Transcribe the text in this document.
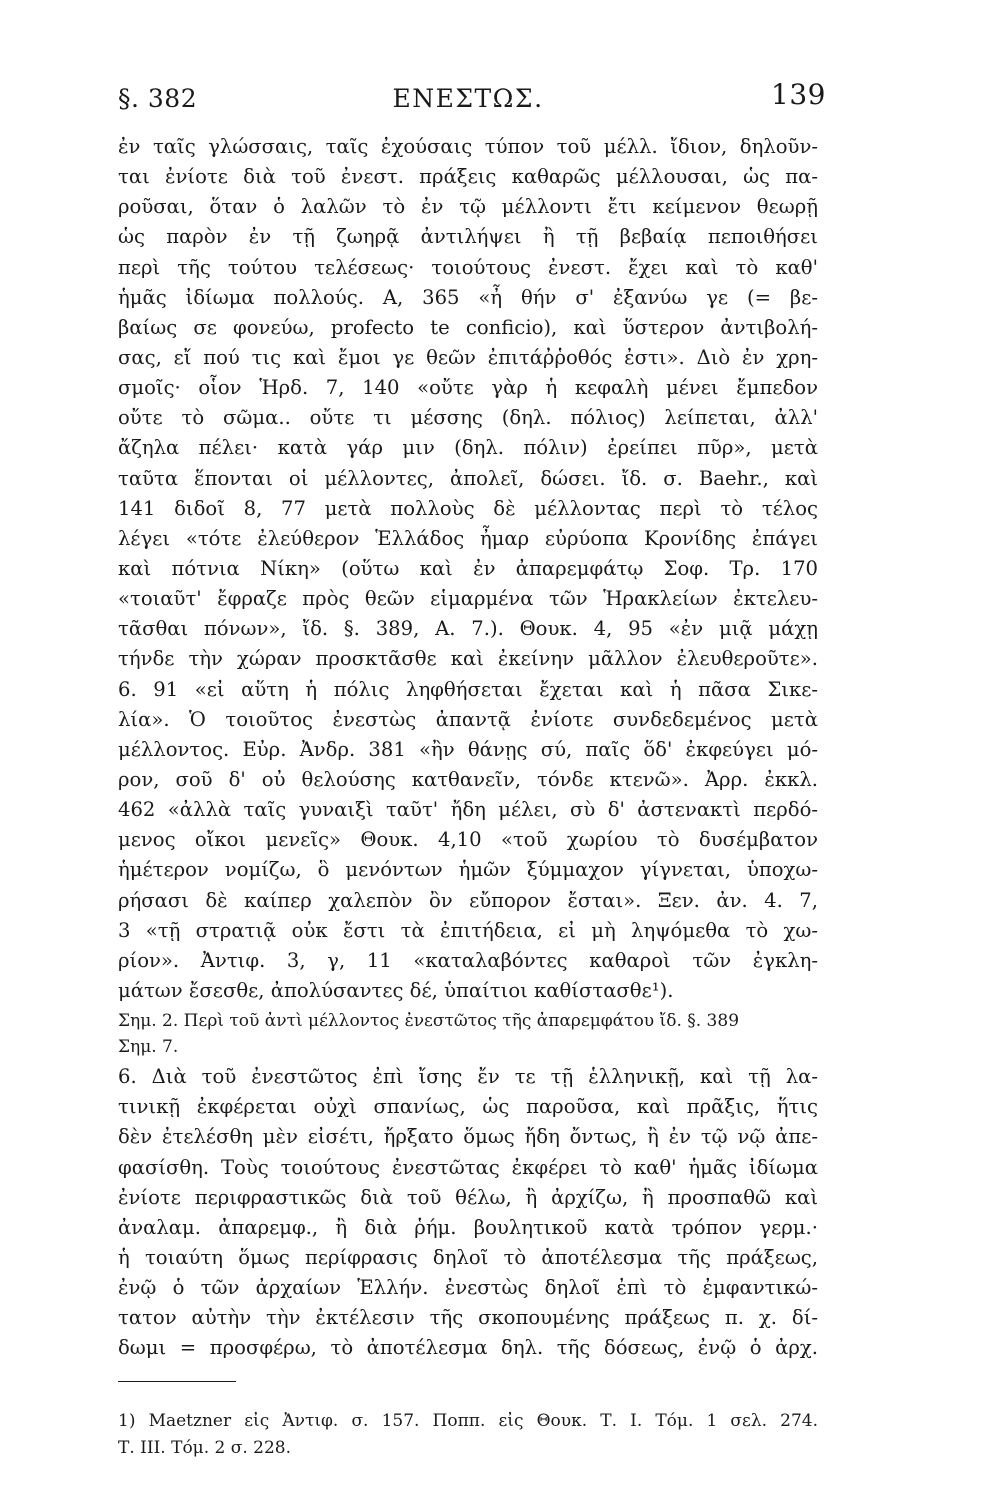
§. 382	ΕΝΕΣΤΩΣ.	139
ἐν ταῖς γλώσσαις, ταῖς ἐχούσαις τύπον τοῦ μέλλ. ἴδιον, δηλοῦν-
ται ἐνίοτε διὰ τοῦ ἐνεστ. πράξεις καθαρῶς μέλλουσαι, ὡς πα-
ροῦσαι, ὅταν ὁ λαλῶν τὸ ἐν τῷ μέλλοντι ἔτι κείμενον θεωρῇ
ὡς παρὸν ἐν τῇ ζωηρᾷ ἀντιλήψει ἢ τῇ βεβαίᾳ πεποιθήσει
περὶ τῆς τούτου τελέσεως· τοιούτους ἐνεστ. ἔχει καὶ τὸ καθ'
ἡμᾶς ἰδίωμα πολλούς. Α, 365 «ἦ θήν σ' ἐξανύω γε (= βε-
βαίως σε φονεύω, profecto te conficio), καὶ ὕστερον ἀντιβολή-
σας, εἴ πού τις καὶ ἔμοι γε θεῶν ἐπιτάῤῥοθός ἐστι». Διὸ ἐν χρη-
σμοῖς· οἷον Ἡρδ. 7, 140 «οὔτε γὰρ ἡ κεφαλὴ μένει ἔμπεδον
οὔτε τὸ σῶμα.. οὔτε τι μέσσης (δηλ. πόλιος) λείπεται, ἀλλ'
ἄζηλα πέλει· κατὰ γάρ μιν (δηλ. πόλιν) ἐρείπει πῦρ», μετὰ
ταῦτα ἕπονται οἱ μέλλοντες, ἀπολεῖ, δώσει. ἴδ. σ. Baehr., καὶ
141 διδοῖ 8, 77 μετὰ πολλοὺς δὲ μέλλοντας περὶ τὸ τέλος
λέγει «τότε ἐλεύθερον Ἑλλάδος ἦμαρ εὐρύοπα Κρονίδης ἐπάγει
καὶ πότνια Νίκη» (οὕτω καὶ ἐν ἀπαρεμφάτῳ Σοφ. Τρ. 170
«τοιαῦτ' ἔφραζε πρὸς θεῶν εἱμαρμένα τῶν Ἡρακλείων ἐκτελευ-
τᾶσθαι πόνων», ἴδ. §. 389, Α. 7.). Θουκ. 4, 95 «ἐν μιᾷ μάχῃ
τήνδε τὴν χώραν προσκτᾶσθε καὶ ἐκείνην μᾶλλον ἐλευθεροῦτε».
6. 91 «εἰ αὕτη ἡ πόλις ληφθήσεται ἔχεται καὶ ἡ πᾶσα Σικε-
λία». Ὁ τοιοῦτος ἐνεστὼς ἀπαντᾷ ἐνίοτε συνδεδεμένος μετὰ
μέλλοντος. Εὐρ. Ἀνδρ. 381 «ἢν θάνῃς σύ, παῖς ὅδ' ἐκφεύγει μό-
ρον, σοῦ δ' οὐ θελούσης κατθανεῖν, τόνδε κτενῶ». Ἀρρ. ἐκκλ.
462 «ἀλλὰ ταῖς γυναιξὶ ταῦτ' ἤδη μέλει, σὺ δ' ἀστενακτὶ περδό-
μενος οἴκοι μενεῖς» Θουκ. 4,10 «τοῦ χωρίου τὸ δυσέμβατον
ἡμέτερον νομίζω, ὃ μενόντων ἡμῶν ξύμμαχον γίγνεται, ὑποχω-
ρήσασι δὲ καίπερ χαλεπὸν ὂν εὔπορον ἔσται». Ξεν. ἀν. 4. 7,
3 «τῇ στρατιᾷ οὐκ ἔστι τὰ ἐπιτήδεια, εἰ μὴ ληψόμεθα τὸ χω-
ρίον». Ἀντιφ. 3, γ, 11 «καταλαβόντες καθαροὶ τῶν ἐγκλη-
μάτων ἔσεσθε, ἀπολύσαντες δέ, ὑπαίτιοι καθίστασθε¹).
Σημ. 2. Περὶ τοῦ ἀντὶ μέλλοντος ἐνεστῶτος τῆς ἀπαρεμφάτου ἴδ. §. 389
Σημ. 7.
6. Διὰ τοῦ ἐνεστῶτος ἐπὶ ἴσης ἔν τε τῇ ἑλληνικῇ, καὶ τῇ λα-
τινικῇ ἐκφέρεται οὐχὶ σπανίως, ὡς παροῦσα, καὶ πρᾶξις, ἥτις
δὲν ἐτελέσθη μὲν εἰσέτι, ἤρξατο ὅμως ἤδη ὄντως, ἢ ἐν τῷ νῷ ἀπε-
φασίσθη. Τοὺς τοιούτους ἐνεστῶτας ἐκφέρει τὸ καθ' ἡμᾶς ἰδίωμα
ἐνίοτε περιφραστικῶς διὰ τοῦ θέλω, ἢ ἀρχίζω, ἢ προσπαθῶ καὶ
ἀναλαμ. ἀπαρεμφ., ἢ διὰ ῥήμ. βουλητικοῦ κατὰ τρόπον γερμ.·
ἡ τοιαύτη ὅμως περίφρασις δηλοῖ τὸ ἀποτέλεσμα τῆς πράξεως,
ἐνῷ ὁ τῶν ἀρχαίων Ἑλλήν. ἐνεστὼς δηλοῖ ἐπὶ τὸ ἐμφαντικώ-
τατον αὐτὴν τὴν ἐκτέλεσιν τῆς σκοπουμένης πράξεως π. χ. δί-
δωμι = προσφέρω, τὸ ἀποτέλεσμα δηλ. τῆς δόσεως, ἐνῷ ὁ ἀρχ.
1) Maetzner εἰς Ἀντιφ. σ. 157. Ποππ. εἰς Θουκ. Τ. Ι. Τόμ. 1 σελ. 274.
Τ. ΙΙΙ. Τόμ. 2 σ. 228.
